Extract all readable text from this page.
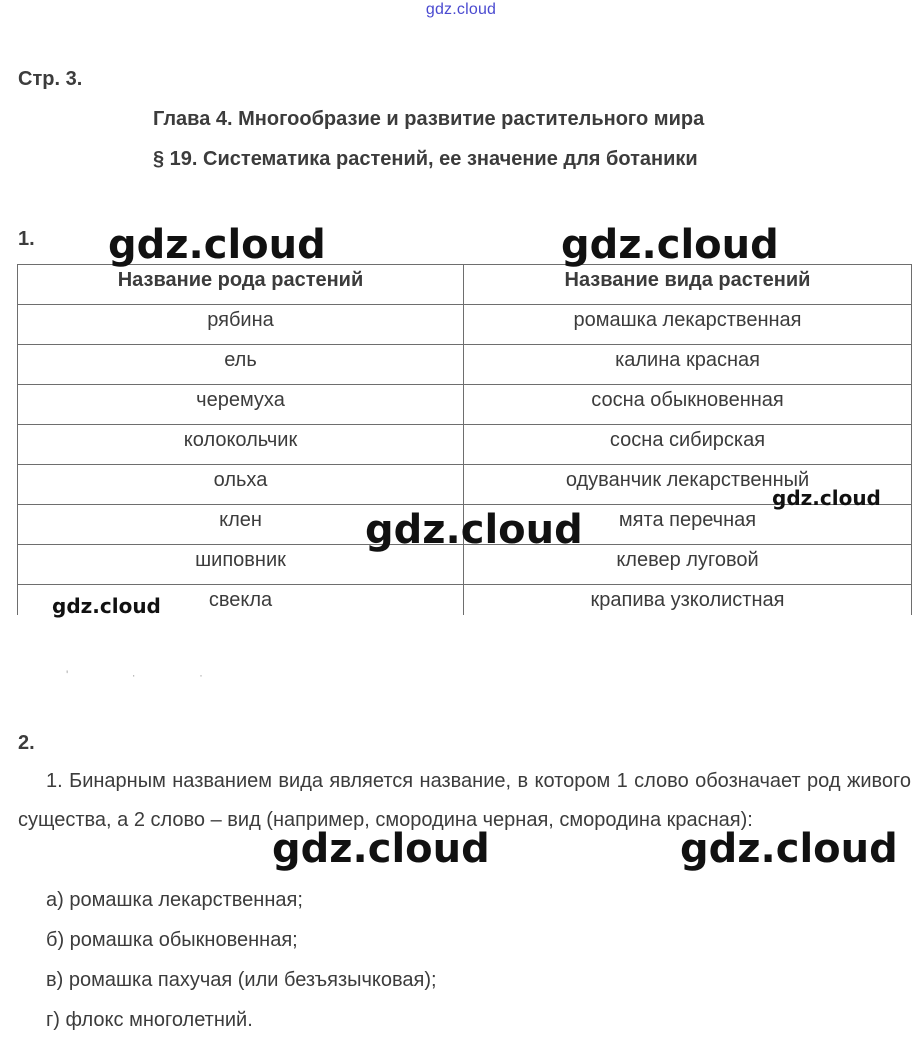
gdz.cloud
Стр. 3.
Глава 4. Многообразие и развитие растительного мира
§ 19. Систематика растений, ее значение для ботаники
1.
Название рода растений	Название вида растений
рябина	ромашка лекарственная
ель	калина красная
черемуха	сосна обыкновенная
колокольчик	сосна сибирская
ольха	одуванчик лекарственный
клен	мята перечная
шиповник	клевер луговой
свекла	крапива узколистная
' · ·
2.
1. Бинарным названием вида является название, в котором 1 слово обозначает род живого существа, а 2 слово – вид (например, смородина черная, смородина красная):
а) ромашка лекарственная;
б) ромашка обыкновенная;
в) ромашка пахучая (или безъязычковая);
г) флокс многолетний.
gdz.cloud	gdz.cloud
gdz.cloud
gdz.cloud
gdz.cloud
gdz.cloud	gdz.cloud
